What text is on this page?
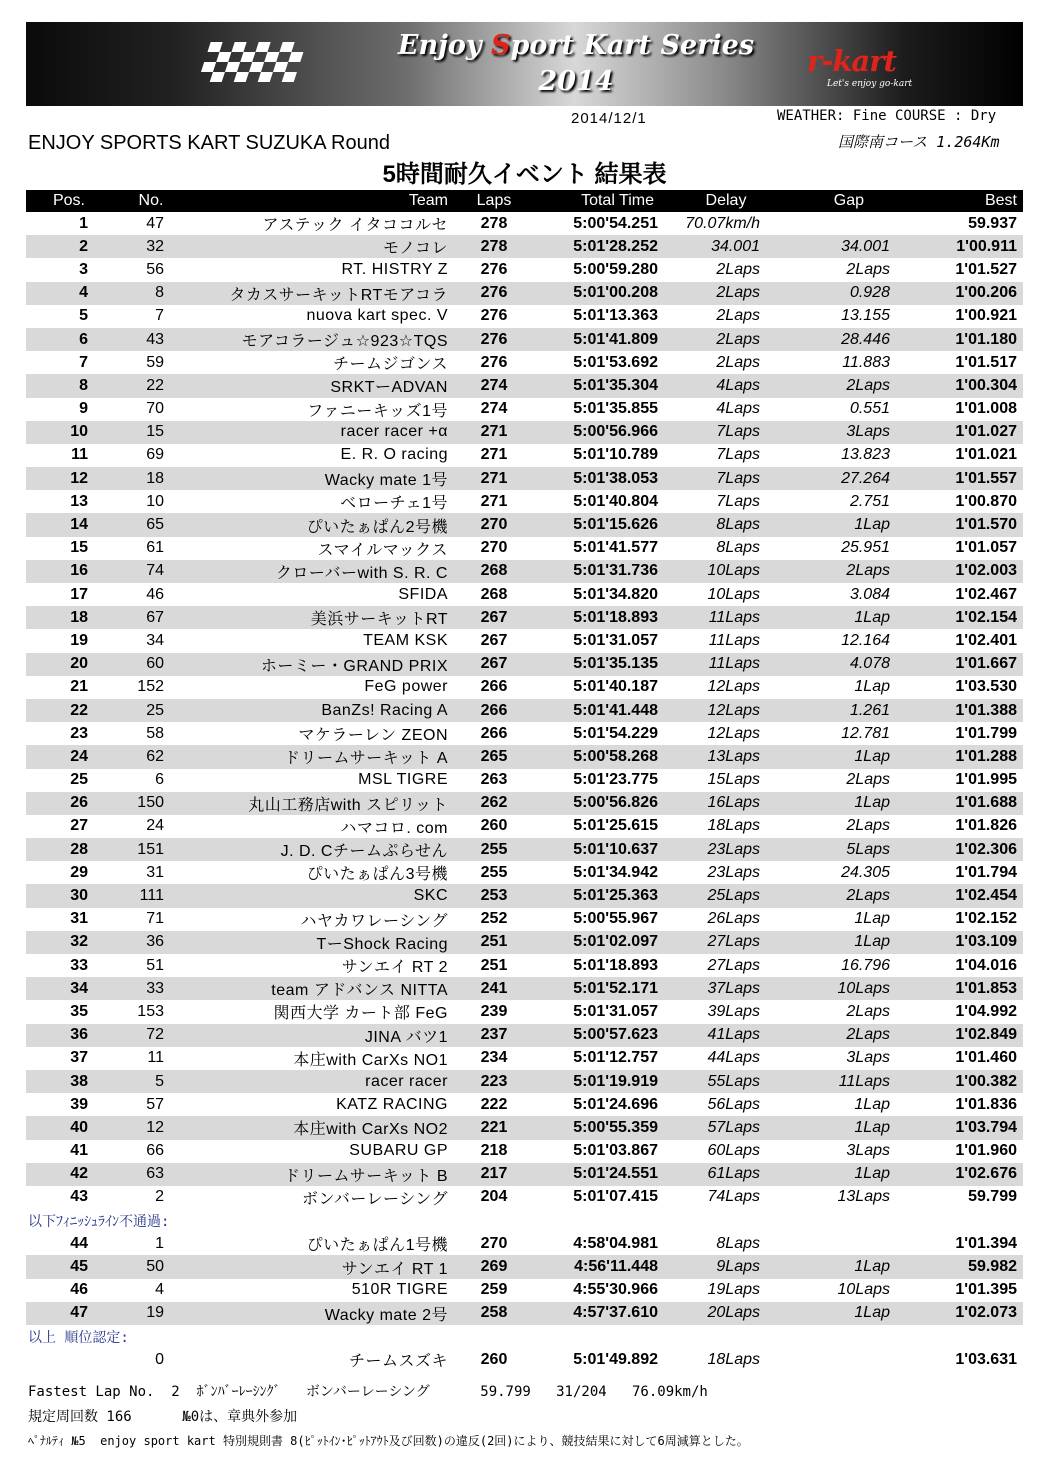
Enjoy Sport Kart Series
2014
r-kart
Let's enjoy go-kart
2014/12/1	WEATHER: Fine COURSE : Dry
国際南コース 1.264Km
ENJOY SPORTS KART SUZUKA Round
5時間耐久イベント 結果表
Pos.	No.	Team	Laps	Total Time	Delay	Gap	Best
1	47	アステック イタココルセ	278	5:00'54.251	70.07km/h		59.937
2	32	モノコレ	278	5:01'28.252	34.001	34.001	1'00.911
3	56	RT. HISTRY Z	276	5:00'59.280	2Laps	2Laps	1'01.527
4	8	タカスサーキットRTモアコラ	276	5:01'00.208	2Laps	0.928	1'00.206
5	7	nuova kart spec. V	276	5:01'13.363	2Laps	13.155	1'00.921
6	43	モアコラージュ☆923☆TQS	276	5:01'41.809	2Laps	28.446	1'01.180
7	59	チームジゴンス	276	5:01'53.692	2Laps	11.883	1'01.517
8	22	SRKTーADVAN	274	5:01'35.304	4Laps	2Laps	1'00.304
9	70	ファニーキッズ1号	274	5:01'35.855	4Laps	0.551	1'01.008
10	15	racer racer +α	271	5:00'56.966	7Laps	3Laps	1'01.027
11	69	E. R. O racing	271	5:01'10.789	7Laps	13.823	1'01.021
12	18	Wacky mate 1号	271	5:01'38.053	7Laps	27.264	1'01.557
13	10	ベローチェ1号	271	5:01'40.804	7Laps	2.751	1'00.870
14	65	ぴいたぁぱん2号機	270	5:01'15.626	8Laps	1Lap	1'01.570
15	61	スマイルマックス	270	5:01'41.577	8Laps	25.951	1'01.057
16	74	クローバーwith S. R. C	268	5:01'31.736	10Laps	2Laps	1'02.003
17	46	SFIDA	268	5:01'34.820	10Laps	3.084	1'02.467
18	67	美浜サーキットRT	267	5:01'18.893	11Laps	1Lap	1'02.154
19	34	TEAM KSK	267	5:01'31.057	11Laps	12.164	1'02.401
20	60	ホーミー・GRAND PRIX	267	5:01'35.135	11Laps	4.078	1'01.667
21	152	FeG power	266	5:01'40.187	12Laps	1Lap	1'03.530
22	25	BanZs! Racing A	266	5:01'41.448	12Laps	1.261	1'01.388
23	58	マケラーレン ZEON	266	5:01'54.229	12Laps	12.781	1'01.799
24	62	ドリームサーキット A	265	5:00'58.268	13Laps	1Lap	1'01.288
25	6	MSL TIGRE	263	5:01'23.775	15Laps	2Laps	1'01.995
26	150	丸山工務店with スピリット	262	5:00'56.826	16Laps	1Lap	1'01.688
27	24	ハマコロ. com	260	5:01'25.615	18Laps	2Laps	1'01.826
28	151	J. D. Cチームぷらせん	255	5:01'10.637	23Laps	5Laps	1'02.306
29	31	ぴいたぁぱん3号機	255	5:01'34.942	23Laps	24.305	1'01.794
30	111	SKC	253	5:01'25.363	25Laps	2Laps	1'02.454
31	71	ハヤカワレーシング	252	5:00'55.967	26Laps	1Lap	1'02.152
32	36	TーShock Racing	251	5:01'02.097	27Laps	1Lap	1'03.109
33	51	サンエイ RT 2	251	5:01'18.893	27Laps	16.796	1'04.016
34	33	team アドバンス NITTA	241	5:01'52.171	37Laps	10Laps	1'01.853
35	153	関西大学 カート部 FeG	239	5:01'31.057	39Laps	2Laps	1'04.992
36	72	JINA バツ1	237	5:00'57.623	41Laps	2Laps	1'02.849
37	11	本庄with CarXs NO1	234	5:01'12.757	44Laps	3Laps	1'01.460
38	5	racer racer	223	5:01'19.919	55Laps	11Laps	1'00.382
39	57	KATZ RACING	222	5:01'24.696	56Laps	1Lap	1'01.836
40	12	本庄with CarXs NO2	221	5:00'55.359	57Laps	1Lap	1'03.794
41	66	SUBARU GP	218	5:01'03.867	60Laps	3Laps	1'01.960
42	63	ドリームサーキット B	217	5:01'24.551	61Laps	1Lap	1'02.676
43	2	ボンバーレーシング	204	5:01'07.415	74Laps	13Laps	59.799
以下ﾌｨﾆｯｼｭﾗｲﾝ不通過:							
44	1	ぴいたぁぱん1号機	270	4:58'04.981	8Laps		1'01.394
45	50	サンエイ RT 1	269	4:56'11.448	9Laps	1Lap	59.982
46	4	510R TIGRE	259	4:55'30.966	19Laps	10Laps	1'01.395
47	19	Wacky mate 2号	258	4:57'37.610	20Laps	1Lap	1'02.073
以上 順位認定:							
	0	チームスズキ	260	5:01'49.892	18Laps		1'03.631
Fastest Lap No.  2  ﾎﾞﾝﾊﾞｰﾚｰｼﾝｸﾞ   ボンバーレーシング      59.799   31/204   76.09km/h
規定周回数 166      №0は、章典外参加
ﾍﾟﾅﾙﾃｨ №5  enjoy sport kart 特別規則書 8(ﾋﾟｯﾄｲﾝ･ﾋﾟｯﾄｱｳﾄ及び回数)の違反(2回)により、競技結果に対して6周減算とした。
